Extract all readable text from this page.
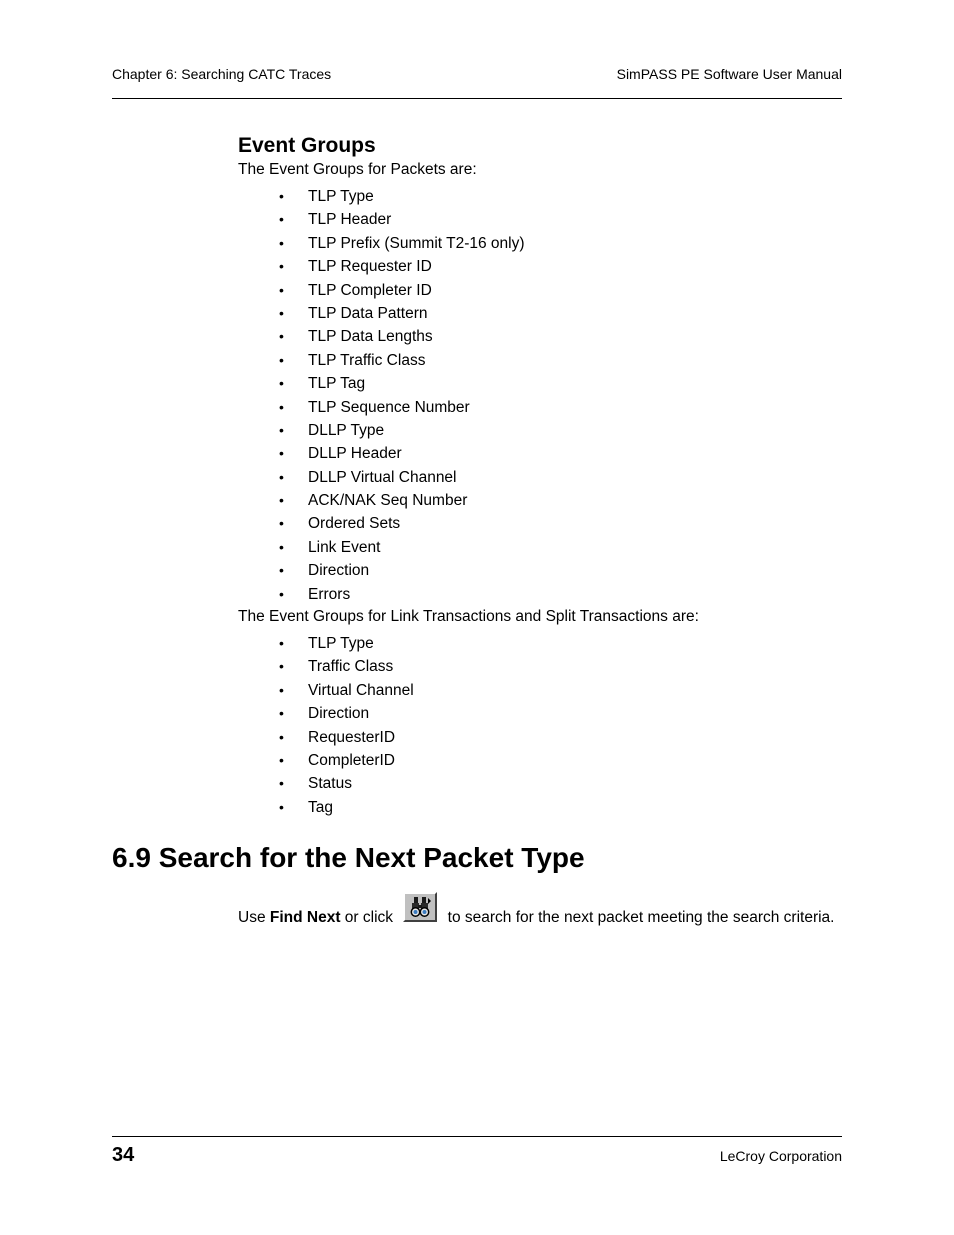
Chapter 6: Searching CATC Traces	SimPASS PE Software User Manual
Event Groups

The Event Groups for Packets are:

• TLP Type
• TLP Header
• TLP Prefix (Summit T2-16 only)
• TLP Requester ID
• TLP Completer ID
• TLP Data Pattern
• TLP Data Lengths
• TLP Traffic Class
• TLP Tag
• TLP Sequence Number
• DLLP Type
• DLLP Header
• DLLP Virtual Channel
• ACK/NAK Seq Number
• Ordered Sets
• Link Event
• Direction
• Errors

The Event Groups for Link Transactions and Split Transactions are:

• TLP Type
• Traffic Class
• Virtual Channel
• Direction
• RequesterID
• CompleterID
• Status
• Tag
6.9 Search for the Next Packet Type
Use Find Next or click	to search for the next packet meeting the search criteria.
34	LeCroy Corporation
